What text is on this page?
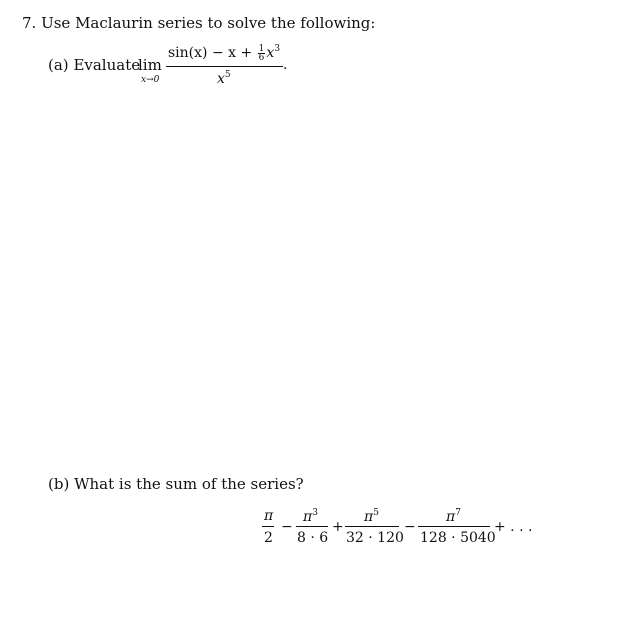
7. Use Maclaurin series to solve the following:
(a) Evaluate
lim
x→0
$\sin(x) - x + \frac{1}{6} x^3$
$x^5$
.
(b) What is the sum of the series?
π
2
−
$\pi^3$
8 · 6
+
$\pi^5$
32 · 120
−
$\pi^7$
128 · 5040
+ . . .
